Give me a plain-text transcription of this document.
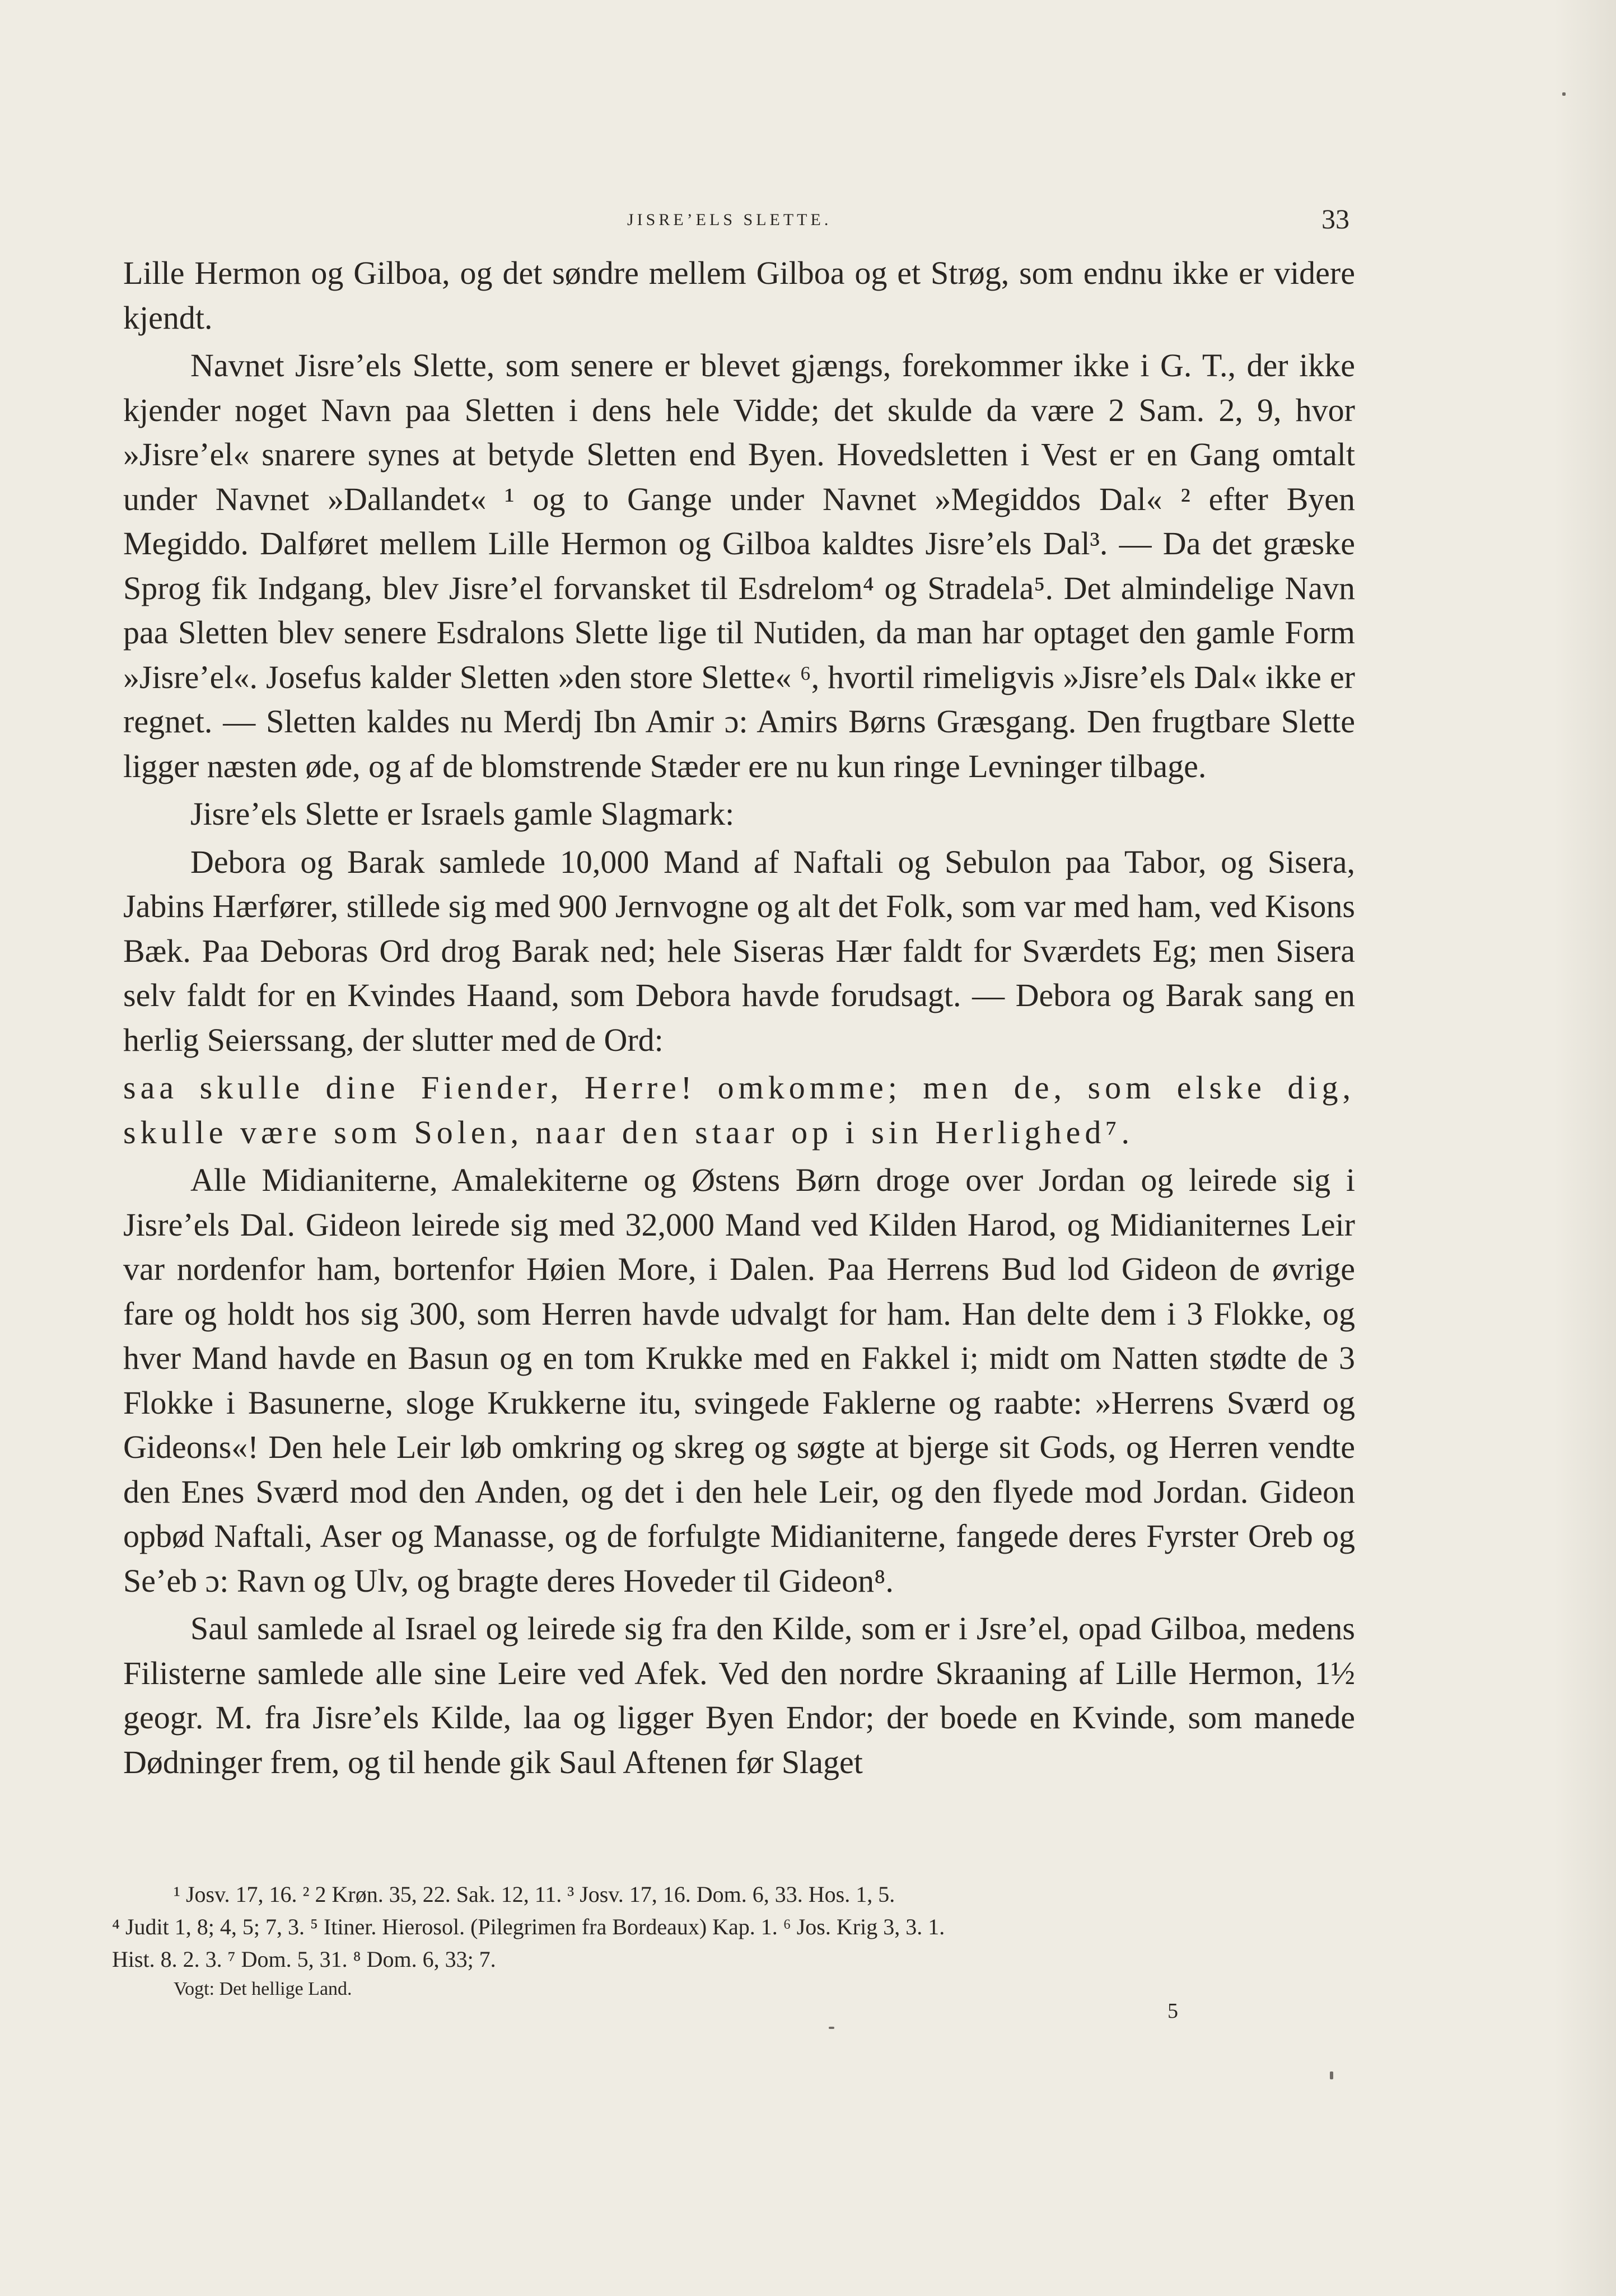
JISRE’ELS SLETTE.	33

Lille Hermon og Gilboa, og det søndre mellem Gilboa og et Strøg, som endnu ikke er videre kjendt.

Navnet Jisre’els Slette, som senere er blevet gjængs, forekommer ikke i G. T., der ikke kjender noget Navn paa Sletten i dens hele Vidde; det skulde da være 2 Sam. 2, 9, hvor »Jisre’el« snarere synes at betyde Sletten end Byen. Hovedsletten i Vest er en Gang omtalt under Navnet »Dallandet« ¹ og to Gange under Navnet »Megiddos Dal« ² efter Byen Megiddo. Dalføret mellem Lille Hermon og Gilboa kaldtes Jisre’els Dal³. — Da det græske Sprog fik Indgang, blev Jisre’el forvansket til Esdrelom⁴ og Stradela⁵. Det almindelige Navn paa Sletten blev senere Esdralons Slette lige til Nutiden, da man har optaget den gamle Form »Jisre’el«. Josefus kalder Sletten »den store Slette« ⁶, hvortil rimeligvis »Jisre’els Dal« ikke er regnet. — Sletten kaldes nu Merdj Ibn Amir ɔ: Amirs Børns Græsgang. Den frugtbare Slette ligger næsten øde, og af de blomstrende Stæder ere nu kun ringe Levninger tilbage.

Jisre’els Slette er Israels gamle Slagmark:

Debora og Barak samlede 10,000 Mand af Naftali og Sebulon paa Tabor, og Sisera, Jabins Hærfører, stillede sig med 900 Jernvogne og alt det Folk, som var med ham, ved Kisons Bæk. Paa Deboras Ord drog Barak ned; hele Siseras Hær faldt for Sværdets Eg; men Sisera selv faldt for en Kvindes Haand, som Debora havde forudsagt. — Debora og Barak sang en herlig Seierssang, der slutter med de Ord:

saa skulle dine Fiender, Herre! omkomme; men de, som elske dig, skulle være som Solen, naar den staar op i sin Herlighed⁷.

Alle Midianiterne, Amalekiterne og Østens Børn droge over Jordan og leirede sig i Jisre’els Dal. Gideon leirede sig med 32,000 Mand ved Kilden Harod, og Midianiternes Leir var nordenfor ham, bortenfor Høien More, i Dalen. Paa Herrens Bud lod Gideon de øvrige fare og holdt hos sig 300, som Herren havde udvalgt for ham. Han delte dem i 3 Flokke, og hver Mand havde en Basun og en tom Krukke med en Fakkel i; midt om Natten stødte de 3 Flokke i Basunerne, sloge Krukkerne itu, svingede Faklerne og raabte: »Herrens Sværd og Gideons«! Den hele Leir løb omkring og skreg og søgte at bjerge sit Gods, og Herren vendte den Enes Sværd mod den Anden, og det i den hele Leir, og den flyede mod Jordan. Gideon opbød Naftali, Aser og Manasse, og de forfulgte Midianiterne, fangede deres Fyrster Oreb og Se’eb ɔ: Ravn og Ulv, og bragte deres Hoveder til Gideon⁸.

Saul samlede al Israel og leirede sig fra den Kilde, som er i Jsre’el, opad Gilboa, medens Filisterne samlede alle sine Leire ved Afek. Ved den nordre Skraaning af Lille Hermon, 1½ geogr. M. fra Jisre’els Kilde, laa og ligger Byen Endor; der boede en Kvinde, som manede Dødninger frem, og til hende gik Saul Aftenen før Slaget

¹ Josv. 17, 16. ² 2 Krøn. 35, 22. Sak. 12, 11. ³ Josv. 17, 16. Dom. 6, 33. Hos. 1, 5.

⁴ Judit 1, 8; 4, 5; 7, 3. ⁵ Itiner. Hierosol. (Pilegrimen fra Bordeaux) Kap. 1. ⁶ Jos. Krig 3, 3. 1.

Hist. 8. 2. 3. ⁷ Dom. 5, 31. ⁸ Dom. 6, 33; 7.

Vogt: Det hellige Land.
5
